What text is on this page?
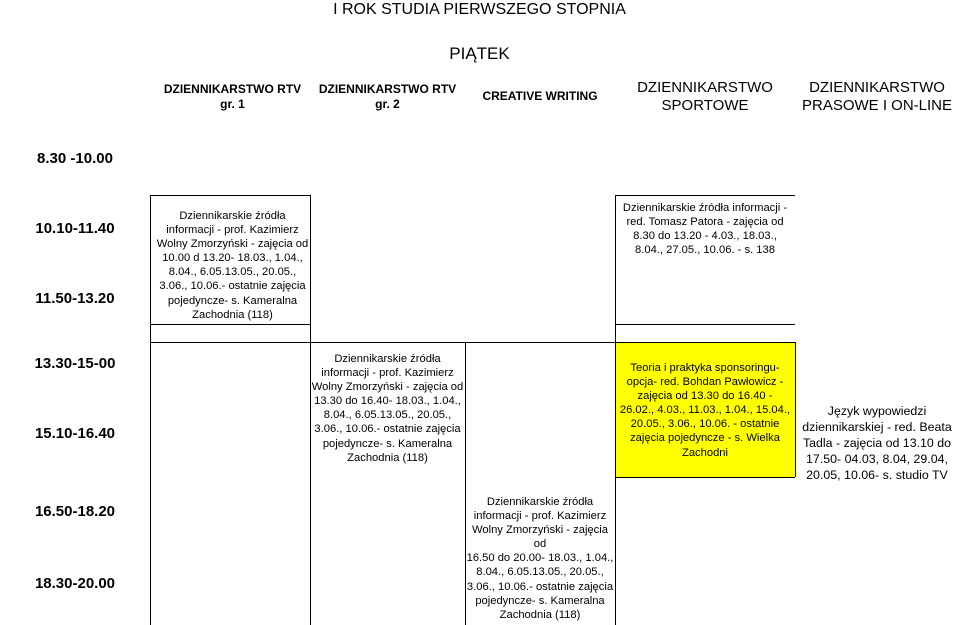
I ROK STUDIA PIERWSZEGO STOPNIA
PIĄTEK
DZIENNIKARSTWO RTV
gr. 1
DZIENNIKARSTWO RTV
gr. 2
CREATIVE WRITING	DZIENNIKARSTWO
SPORTOWE
DZIENNIKARSTWO
PRASOWE I ON-LINE
8.30 -10.00
10.10-11.40
11.50-13.20
13.30-15-00
15.10-16.40
16.50-18.20
18.30-20.00
Dziennikarskie źródła
informacji - prof. Kazimierz
Wolny Zmorzyński - zajęcia od
10.00 d 13.20- 18.03., 1.04.,
8.04., 6.05.13.05., 20.05.,
3.06., 10.06.- ostatnie zajęcia
pojedyncze- s. Kameralna
Zachodnia (118)
Dziennikarskie źródła informacji -
red. Tomasz Patora - zajęcia od
8.30 do 13.20 - 4.03., 18.03.,
8.04., 27.05., 10.06. - s. 138
Dziennikarskie źródła
informacji - prof. Kazimierz
Wolny Zmorzyński - zajęcia od
13.30 do 16.40- 18.03., 1.04.,
8.04., 6.05.13.05., 20.05.,
3.06., 10.06.- ostatnie zajęcia
pojedyncze- s. Kameralna
Zachodnia (118)
Teoria i praktyka sponsoringu-
opcja- red. Bohdan Pawłowicz -
zajęcia od 13.30 do 16.40 -
26.02., 4.03., 11.03., 1.04., 15.04.,
20.05., 3.06., 10.06. - ostatnie
zajęcia pojedyncze - s. Wielka
Zachodni
Język wypowiedzi
dziennikarskiej - red. Beata
Tadla - zajęcia od 13.10 do
17.50- 04.03, 8.04, 29.04,
20.05, 10.06- s. studio TV
Dziennikarskie źródła
informacji - prof. Kazimierz
Wolny Zmorzyński - zajęcia od
16.50 do 20.00- 18.03., 1.04.,
8.04., 6.05.13.05., 20.05.,
3.06., 10.06.- ostatnie zajęcia
pojedyncze- s. Kameralna
Zachodnia (118)
